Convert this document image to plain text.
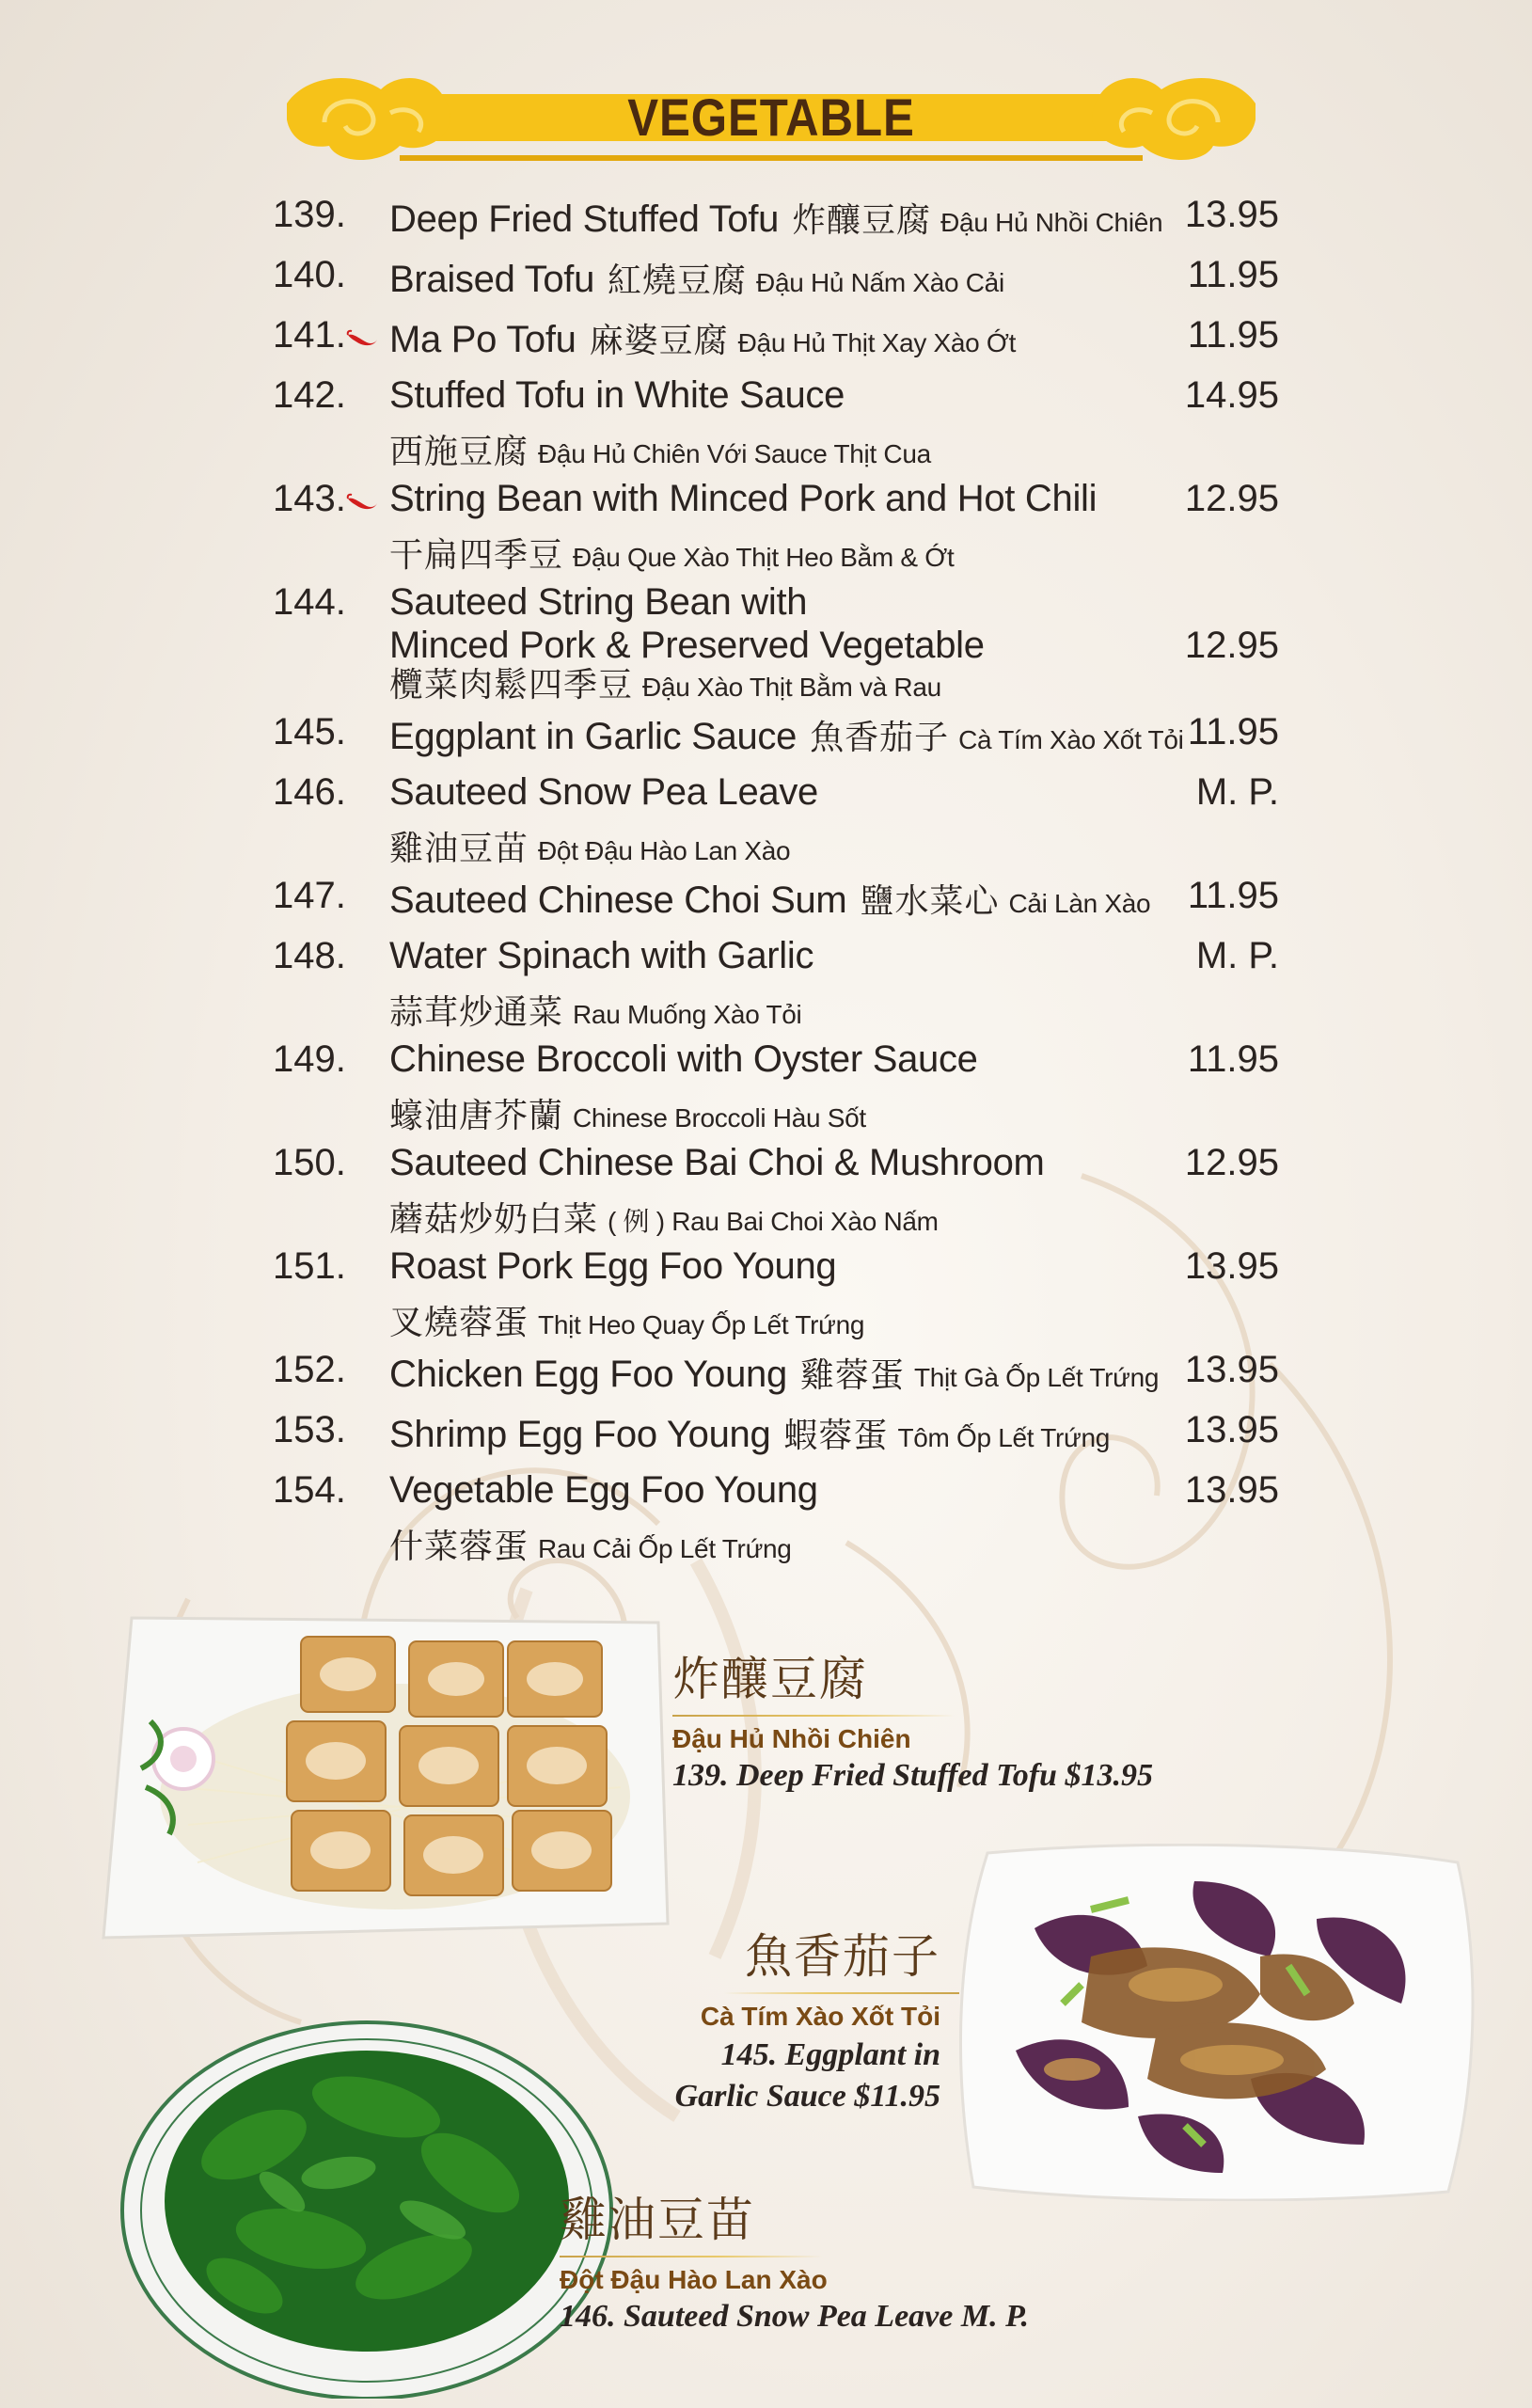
VEGETABLE
139. Deep Fried Stuffed Tofu 炸釀豆腐 Đậu Hủ Nhồi Chiên 13.95
140. Braised Tofu 紅燒豆腐 Đậu Hủ Nấm Xào Cải	11.95
141. Ma Po Tofu 麻婆豆腐 Đậu Hủ Thịt Xay Xào Ớt	11.95
142. Stuffed Tofu in White Sauce	14.95
西施豆腐 $^{Đậu Hủ Chiên Với Sauce Thịt Cua}$
143. String Bean with Minced Pork and Hot Chili 12.95
干扁四季豆 $^{Đậu Que Xào Thịt Heo Bằm \& Ớt}$
144. Sauteed String Bean with
Minced Pork & Preserved Vegetable	12.95
欖菜肉鬆四季豆 $^{Đậu Xào Thịt Bằm và Rau}$
145. Eggplant in Garlic Sauce 魚香茄子 Cà Tím Xào Xốt Tỏi 11.95
146. Sauteed Snow Pea Leave	M. P.
雞油豆苗 $^{Đột Đậu Hào Lan Xào}$
147. Sauteed Chinese Choi Sum 鹽水菜心 Cải Làn Xào 11.95
148. Water Spinach with Garlic	M. P.
蒜茸炒通菜 $^{Rau Muống Xào Tỏi}$
149. Chinese Broccoli with Oyster Sauce	11.95
蠔油唐芥蘭 $^{Chinese Broccoli Hàu Sốt}$
150. Sauteed Chinese Bai Choi & Mushroom	12.95
蘑菇炒奶白菜 $^{( 例 ) Rau Bai Choi Xào Nấm}$
151. Roast Pork Egg Foo Young	13.95
叉燒蓉蛋 $^{Thịt Heo Quay Ốp Lết Trứng}$
152. Chicken Egg Foo Young 雞蓉蛋 Thịt Gà Ốp Lết Trứng 13.95
153. Shrimp Egg Foo Young 蝦蓉蛋 Tôm Ốp Lết Trứng 13.95
154. Vegetable Egg Foo Young	13.95
什菜蓉蛋 $^{Rau Cải Ốp Lết Trứng}$
炸釀豆腐
Đậu Hủ Nhồi Chiên
139. Deep Fried Stuffed Tofu $13.95
魚香茄子
Cà Tím Xào Xốt Tỏi
145. Eggplant in
Garlic Sauce $11.95
雞油豆苗
Đột Đậu Hào Lan Xào
146. Sauteed Snow Pea Leave M. P.
